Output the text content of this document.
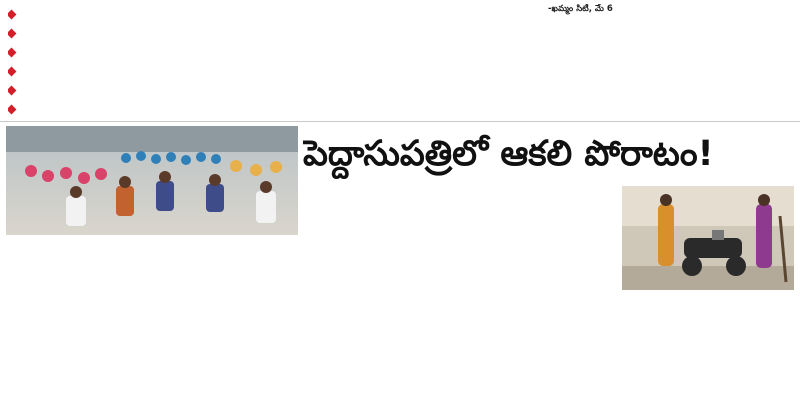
-ఖమ్మం సిటీ, మే 6
పెద్దాసుపత్రిలో ఆకలి పోరాటం!
